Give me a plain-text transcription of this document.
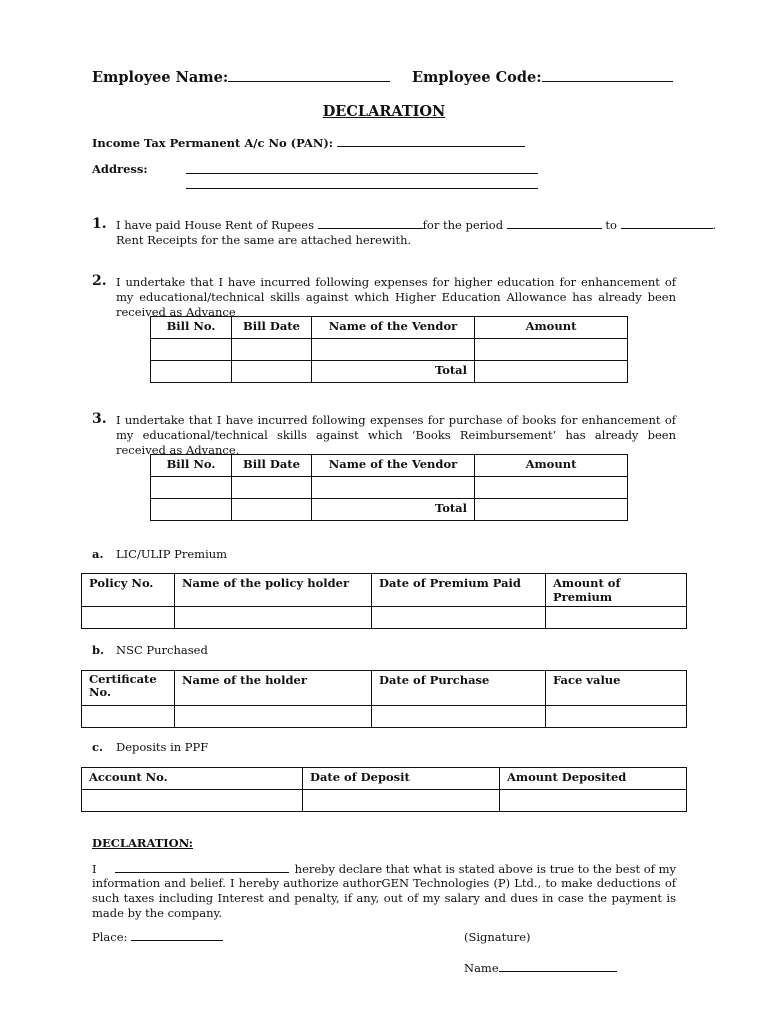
Employee Name:	Employee Code:
DECLARATION
Income Tax Permanent A/c No (PAN):
Address:
1. I have paid House Rent of Rupees	for the period	to	.
Rent Receipts for the same are attached herewith.
2. I undertake that I have incurred following expenses for higher education for enhancement of my educational/technical skills against which Higher Education Allowance has already been received as Advance
Bill No.	Bill Date	Name of the Vendor	Amount

		Total	
3. I undertake that I have incurred following expenses for purchase of books for enhancement of my educational/technical skills against which ‘Books Reimbursement’ has already been received as Advance.
Bill No.	Bill Date	Name of the Vendor	Amount

		Total	
a. LIC/ULIP Premium
Policy No.	Name of the policy holder	Date of Premium Paid	Amount of Premium

b. NSC Purchased
Certificate No.	Name of the holder	Date of Purchase	Face value

c. Deposits in PPF
Account No.	Date of Deposit	Amount Deposited

DECLARATION:
I	hereby declare that what is stated above is true to the best of my
information and belief. I hereby authorize authorGEN Technologies (P) Ltd., to make deductions of such taxes including Interest and penalty, if any, out of my salary and dues in case the payment is made by the company.
Place:	(Signature)
Name
